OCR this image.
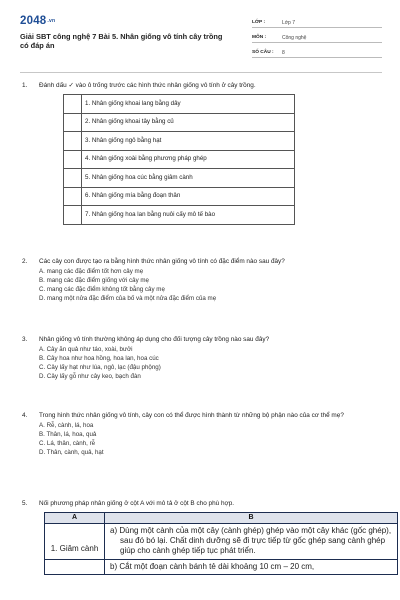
2048.vn
Giải SBT công nghệ 7 Bài 5. Nhân giống vô tính cây trồng có đáp án
LỚP :	Lớp 7
MÔN :	Công nghệ
SỐ CÂU :	8
1.	Đánh dấu ✓ vào ô trống trước các hình thức nhân giống vô tính ở cây trồng.
	1. Nhân giống khoai lang bằng dây
	2. Nhân giống khoai tây bằng củ
	3. Nhân giống ngô bằng hạt
	4. Nhân giống xoài bằng phương pháp ghép
	5. Nhân giống hoa cúc bằng giâm cành
	6. Nhân giống mía bằng đoạn thân
	7. Nhân giống hoa lan bằng nuôi cấy mô tế bào
2.	Các cây con được tạo ra bằng hình thức nhân giống vô tính có đặc điểm nào sau đây?
A. mang các đặc điểm tốt hơn cây mẹ
B. mang các đặc điểm giống với cây mẹ
C. mang các đặc điểm không tốt bằng cây mẹ
D. mang một nửa đặc điểm của bố và một nửa đặc điểm của mẹ
3.	Nhân giống vô tính thường không áp dụng cho đối tượng cây trồng nào sau đây?
A. Cây ăn quả như táo, xoài, bưởi
B. Cây hoa như hoa hồng, hoa lan, hoa cúc
C. Cây lấy hạt như lúa, ngô, lạc (đậu phộng)
D. Cây lấy gỗ như cây keo, bạch đàn
4.	Trong hình thức nhân giống vô tính, cây con có thể được hình thành từ những bộ phận nào của cơ thể mẹ?
A. Rễ, cành, lá, hoa
B. Thân, lá, hoa, quả
C. Lá, thân, cành, rễ
D. Thân, cành, quả, hạt
5.	Nối phương pháp nhân giống ở cột A với mô tả ở cột B cho phù hợp.
A	B
1. Giâm cành	a) Dùng một cành của một cây (cành ghép) ghép vào một cây khác (gốc ghép), sau đó bó lại. Chất dinh dưỡng sẽ đi trực tiếp từ gốc ghép sang cành ghép giúp cho cành ghép tiếp tục phát triển.

	b) Cắt một đoạn cành bánh tẻ dài khoảng 10 cm – 20 cm,
